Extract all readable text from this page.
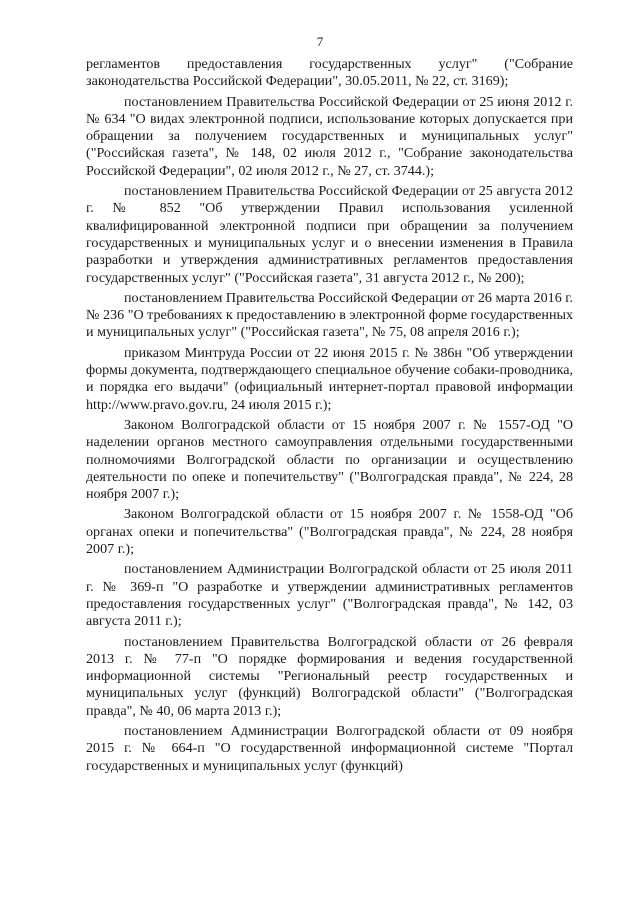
7

регламентов предоставления государственных услуг" ("Собрание законодательства Российской Федерации", 30.05.2011, № 22, ст. 3169);

постановлением Правительства Российской Федерации от 25 июня 2012 г. № 634 "О видах электронной подписи, использование которых допускается при обращении за получением государственных и муниципальных услуг" ("Российская газета", № 148, 02 июля 2012 г., "Собрание законодательства Российской Федерации", 02 июля 2012 г., № 27, ст. 3744.);

постановлением Правительства Российской Федерации от 25 августа 2012 г. № 852 "Об утверждении Правил использования усиленной квалифицированной электронной подписи при обращении за получением государственных и муниципальных услуг и о внесении изменения в Правила разработки и утверждения административных регламентов предоставления государственных услуг" ("Российская газета", 31 августа 2012 г., № 200);

постановлением Правительства Российской Федерации от 26 марта 2016 г. № 236 "О требованиях к предоставлению в электронной форме государственных и муниципальных услуг" ("Российская газета", № 75, 08 апреля 2016 г.);

приказом Минтруда России от 22 июня 2015 г. № 386н "Об утверждении формы документа, подтверждающего специальное обучение собаки-проводника, и порядка его выдачи" (официальный интернет-портал правовой информации http://www.pravo.gov.ru, 24 июля 2015 г.);

Законом Волгоградской области от 15 ноября 2007 г. № 1557-ОД "О наделении органов местного самоуправления отдельными государственными полномочиями Волгоградской области по организации и осуществлению деятельности по опеке и попечительству" ("Волгоградская правда", № 224, 28 ноября 2007 г.);

Законом Волгоградской области от 15 ноября 2007 г. № 1558-ОД "Об органах опеки и попечительства" ("Волгоградская правда", № 224, 28 ноября 2007 г.);

постановлением Администрации Волгоградской области от 25 июля 2011 г. № 369-п "О разработке и утверждении административных регламентов предоставления государственных услуг" ("Волгоградская правда", № 142, 03 августа 2011 г.);

постановлением Правительства Волгоградской области от 26 февраля 2013 г. № 77-п "О порядке формирования и ведения государственной информационной системы "Региональный реестр государственных и муниципальных услуг (функций) Волгоградской области" ("Волгоградская правда", № 40, 06 марта 2013 г.);

постановлением Администрации Волгоградской области от 09 ноября 2015 г. № 664-п "О государственной информационной системе "Портал государственных и муниципальных услуг (функций)
